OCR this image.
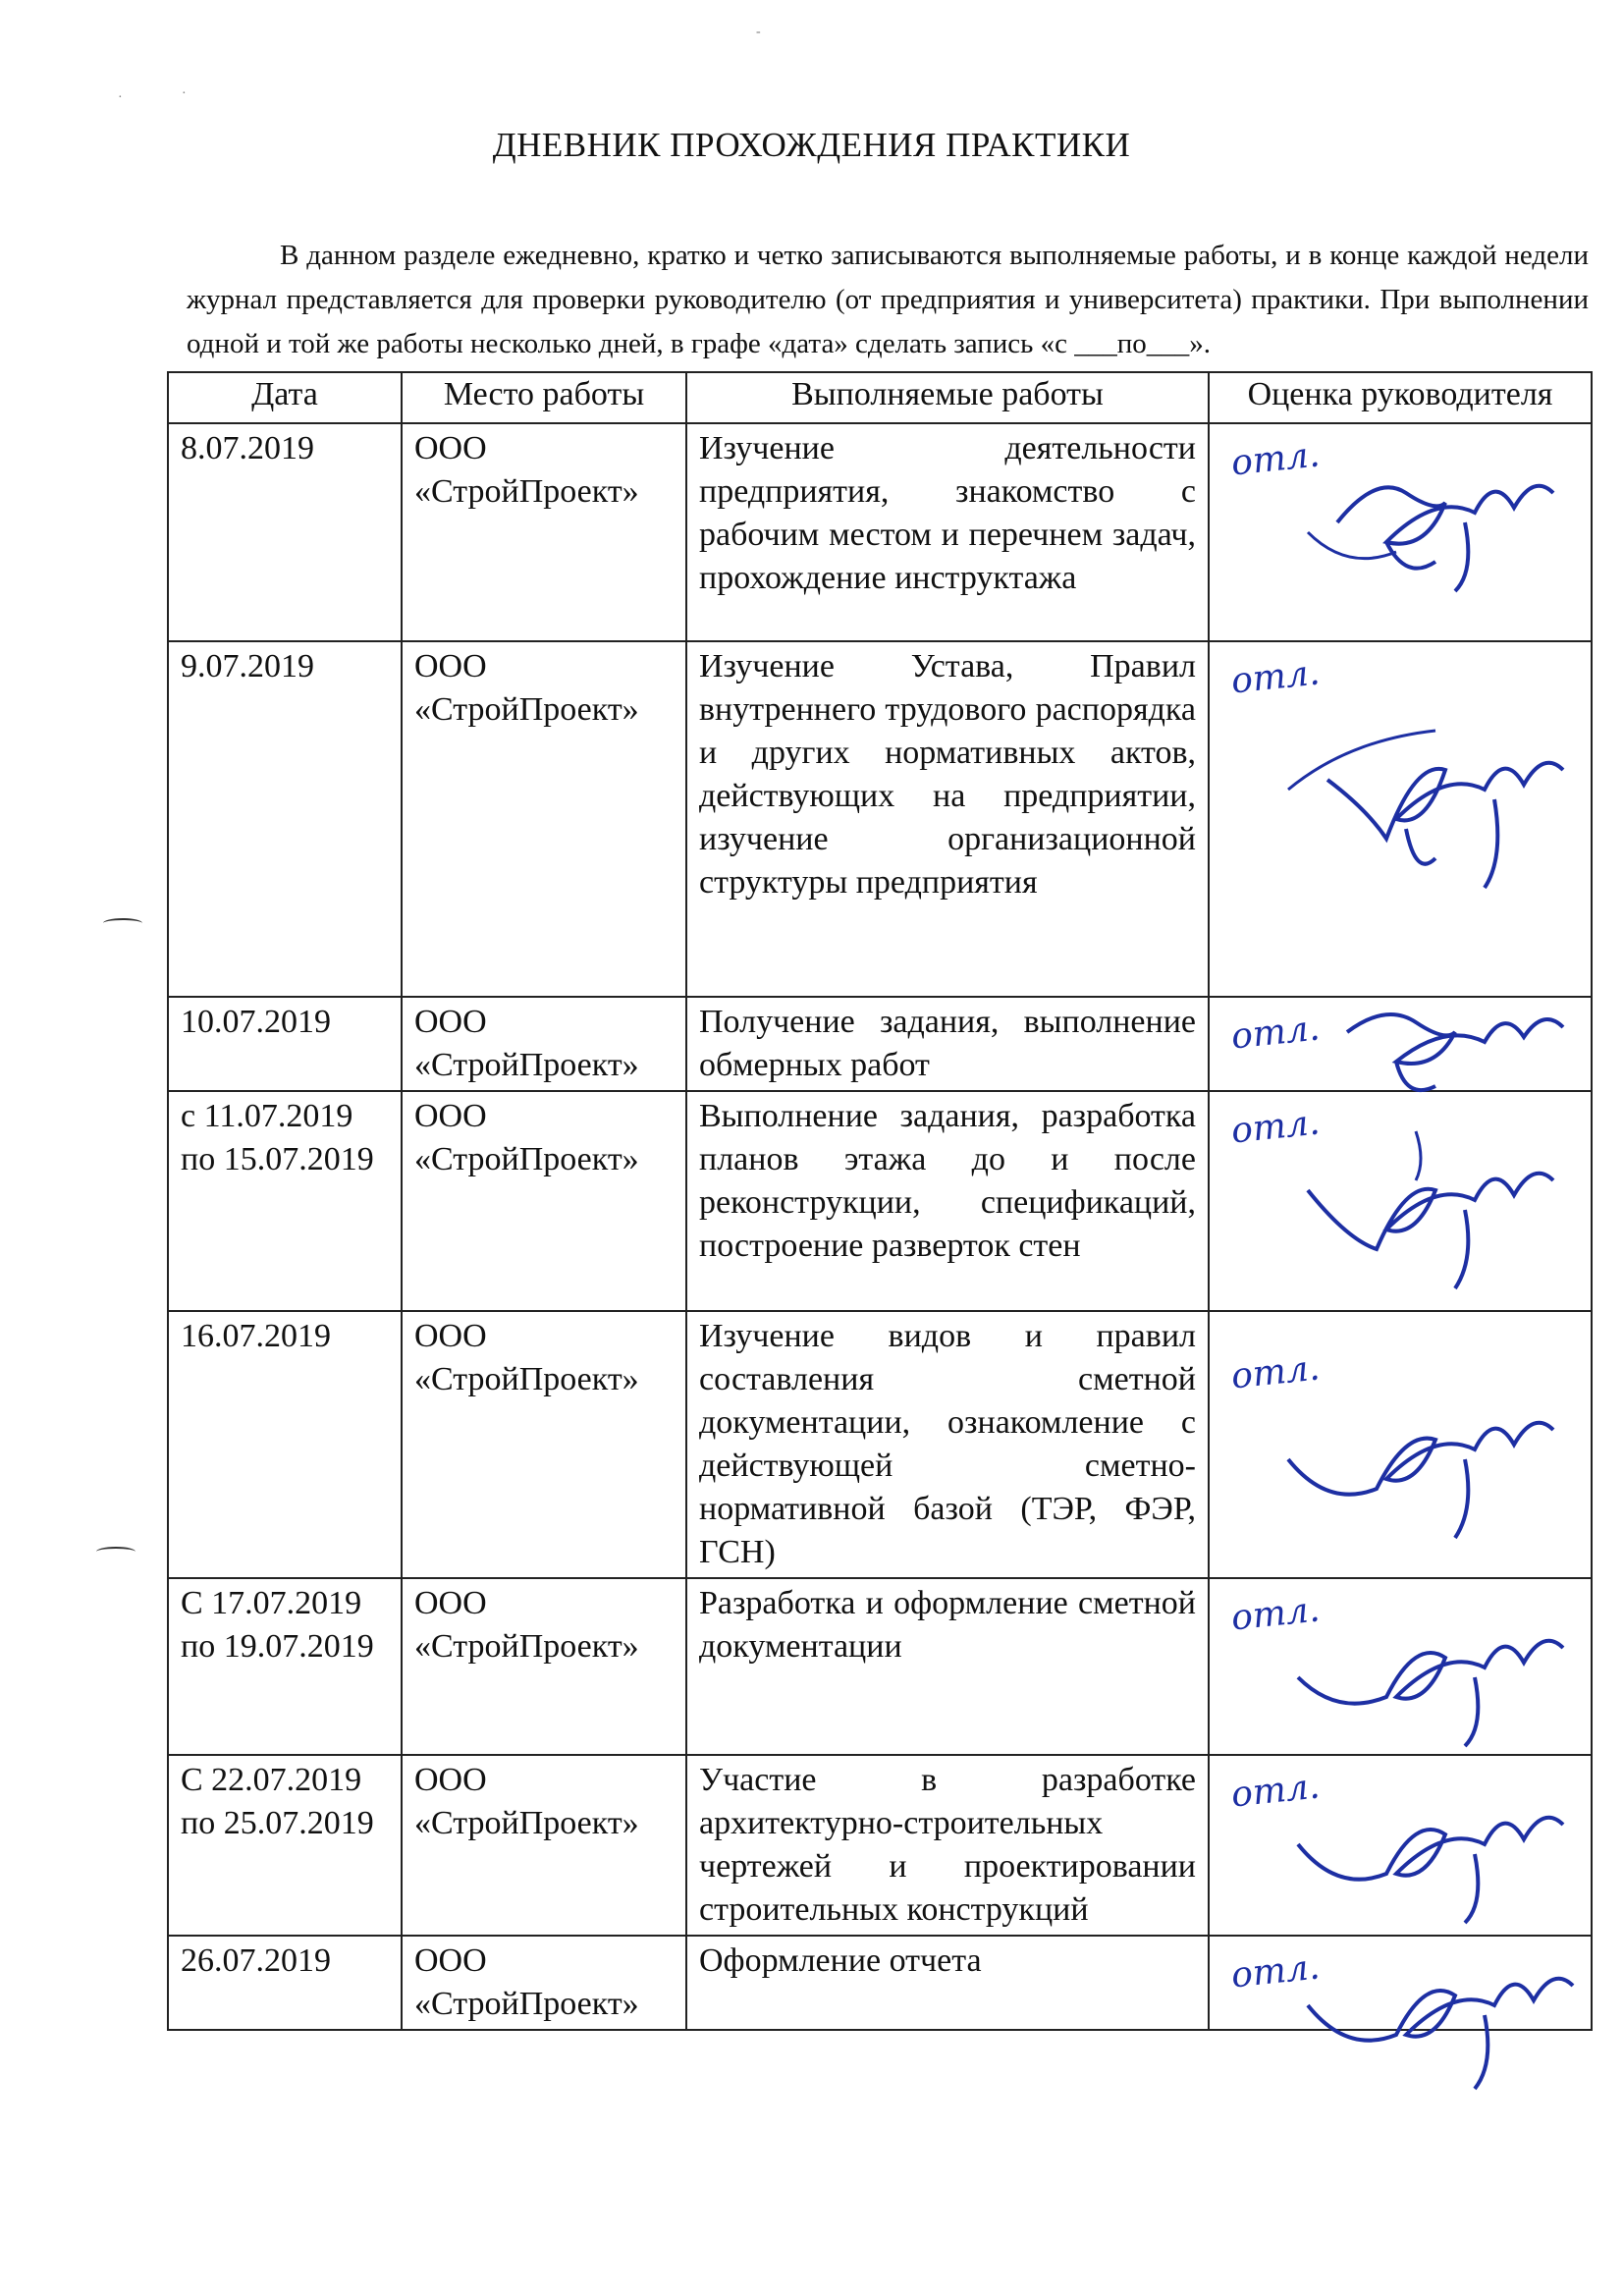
·	·
-
ДНЕВНИК ПРОХОЖДЕНИЯ ПРАКТИКИ
В данном разделе ежедневно, кратко и четко записываются выполняемые работы, и в конце каждой недели журнал представляется для проверки руководителю (от предприятия и университета) практики. При выполнении одной и той же работы несколько дней, в графе «дата» сделать запись «с ___по___».
Дата	Место работы	Выполняемые работы	Оценка руководителя
8.07.2019	ООО «СтройПроект»	Изучение деятельности предприятия, знакомство с рабочим местом и перечнем задач, прохождение инструктажа	отл.

9.07.2019	ООО «СтройПроект»	Изучение Устава, Правил внутреннего трудового распорядка и других нормативных актов, действующих на предприятии, изучение организационной структуры предприятия	отл.

10.07.2019	ООО «СтройПроект»	Получение задания, выполнение обмерных работ	отл.

с 11.07.2019 по 15.07.2019	ООО «СтройПроект»	Выполнение задания, разработка планов этажа до и после реконструкции, спецификаций, построение разверток стен	отл.

16.07.2019	ООО «СтройПроект»	Изучение видов и правил составления сметной документации, ознакомление с действующей сметно-нормативной базой (ТЭР, ФЭР, ГСН)	отл.

С 17.07.2019 по 19.07.2019	ООО «СтройПроект»	Разработка и оформление сметной документации	отл.

С 22.07.2019 по 25.07.2019	ООО «СтройПроект»	Участие в разработке архитектурно-строительных чертежей и проектировании строительных конструкций	отл.

26.07.2019	ООО «СтройПроект»	Оформление отчета	отл.
